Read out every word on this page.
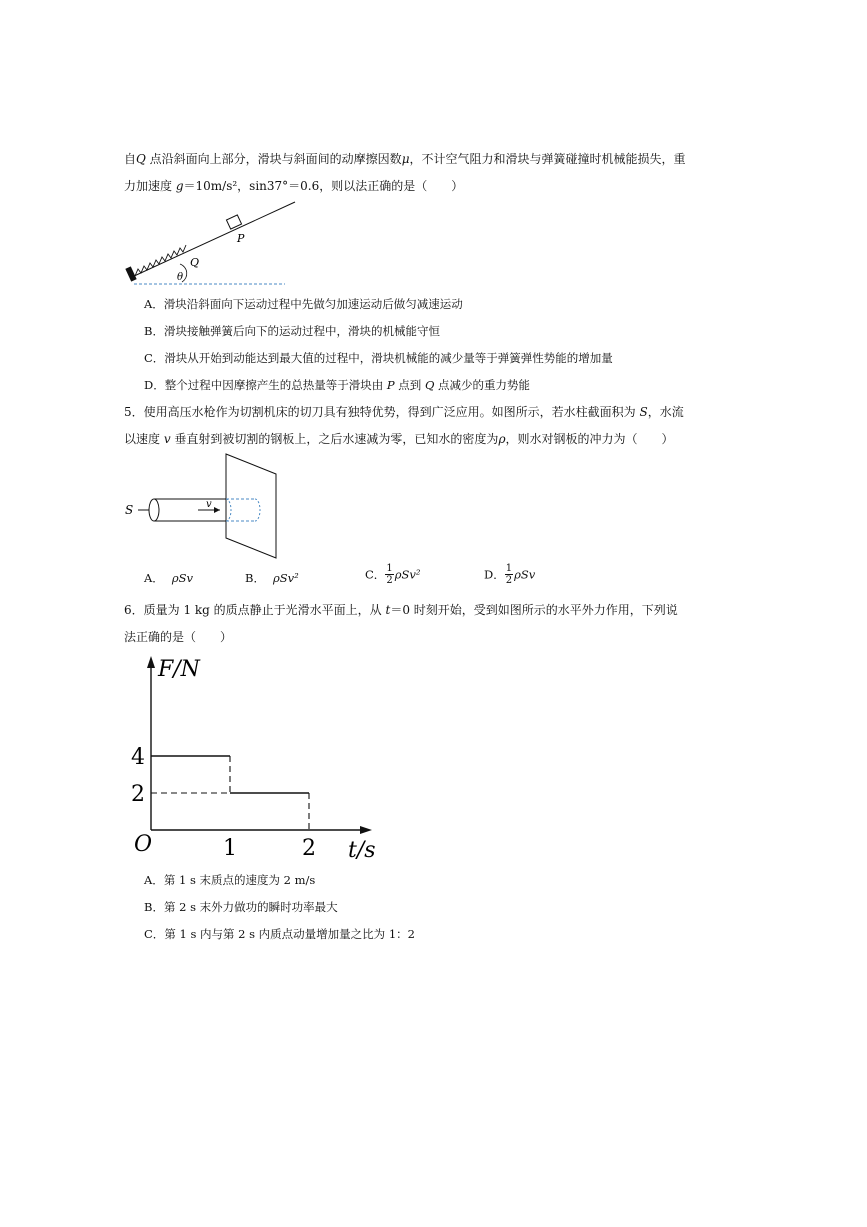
自Q 点沿斜面向上部分，滑块与斜面间的动摩擦因数μ，不计空气阻力和滑块与弹簧碰撞时机械能损失，重
力加速度 g＝10m/s²，sin37°＝0.6，则以法正确的是（　　）
P
Q
θ
A．滑块沿斜面向下运动过程中先做匀加速运动后做匀减速运动
B．滑块接触弹簧后向下的运动过程中，滑块的机械能守恒
C．滑块从开始到动能达到最大值的过程中，滑块机械能的减少量等于弹簧弹性势能的增加量
D．整个过程中因摩擦产生的总热量等于滑块由 P 点到 Q 点减少的重力势能
5．使用高压水枪作为切割机床的切刀具有独特优势，得到广泛应用。如图所示，若水柱截面积为 S，水流
以速度 v 垂直射到被切割的钢板上，之后水速减为零，已知水的密度为ρ，则水对钢板的冲力为（　　）
S	v
A． ρSv	B． ρSv²	C． $\frac{1}{2} \rho Sv^2$	D． $\frac{1}{2}$ ρSv
6．质量为 1 kg 的质点静止于光滑水平面上，从 t＝0 时刻开始，受到如图所示的水平外力作用，下列说
法正确的是（　　）
2
4
1	2
F/N
t/s
O
A．第 1 s 末质点的速度为 2 m/s
B．第 2 s 末外力做功的瞬时功率最大
C．第 1 s 内与第 2 s 内质点动量增加量之比为 1：2
